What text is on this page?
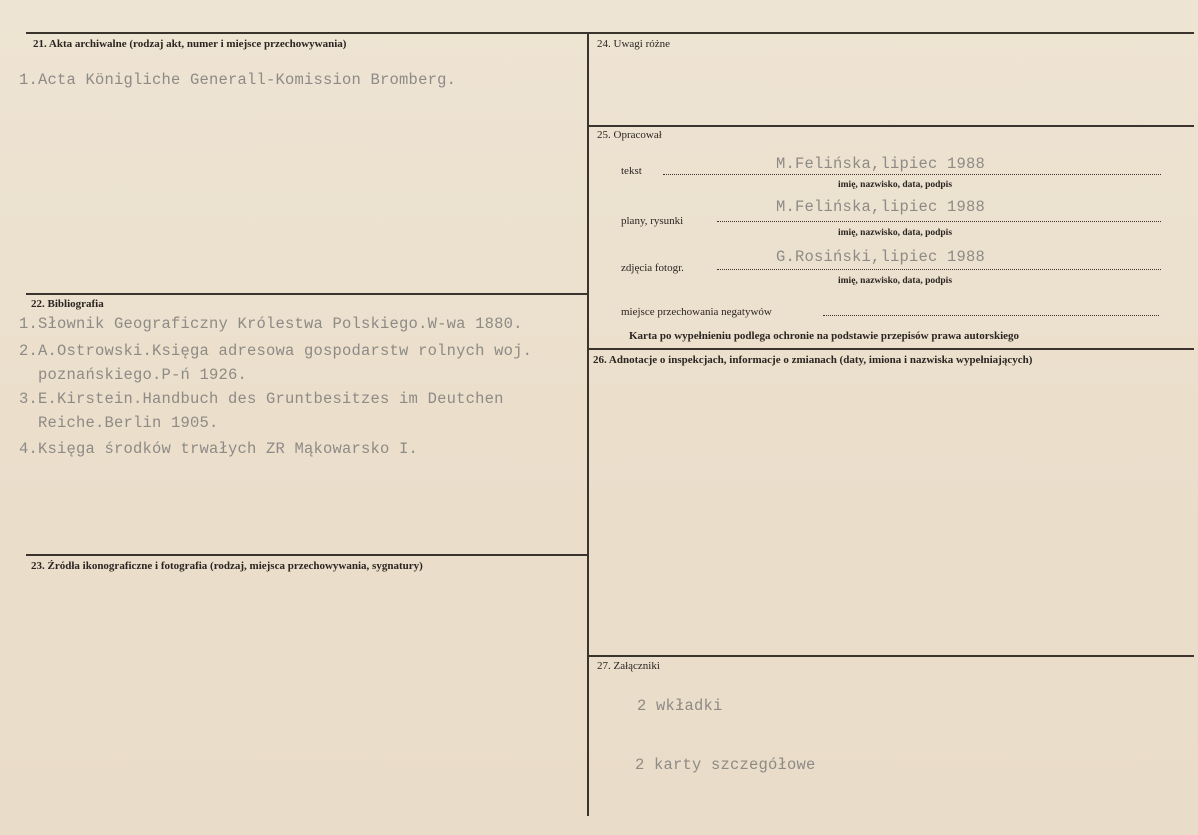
21. Akta archiwalne (rodzaj akt, numer i miejsce przechowywania)
1.Acta Königliche Generall-Komission Bromberg.
22. Bibliografia
1.Słownik Geograficzny Królestwa Polskiego.W-wa 1880.
2.A.Ostrowski.Księga adresowa gospodarstw rolnych woj.
poznańskiego.P-ń 1926.
3.E.Kirstein.Handbuch des Gruntbesitzes im Deutchen
Reiche.Berlin 1905.
4.Księga środków trwałych ZR Mąkowarsko I.
23. Źródła ikonograficzne i fotografia (rodzaj, miejsca przechowywania, sygnatury)
24. Uwagi różne
25. Opracował
tekst	M.Felińska,lipiec 1988
imię, nazwisko, data, podpis
plany, rysunki
M.Felińska,lipiec 1988
imię, nazwisko, data, podpis
zdjęcia fotogr.
G.Rosiński,lipiec 1988
imię, nazwisko, data, podpis
miejsce przechowania negatywów
Karta po wypełnieniu podlega ochronie na podstawie przepisów prawa autorskiego
26. Adnotacje o inspekcjach, informacje o zmianach (daty, imiona i nazwiska wypełniających)
27. Załączniki
2 wkładki
2 karty szczegółowe
